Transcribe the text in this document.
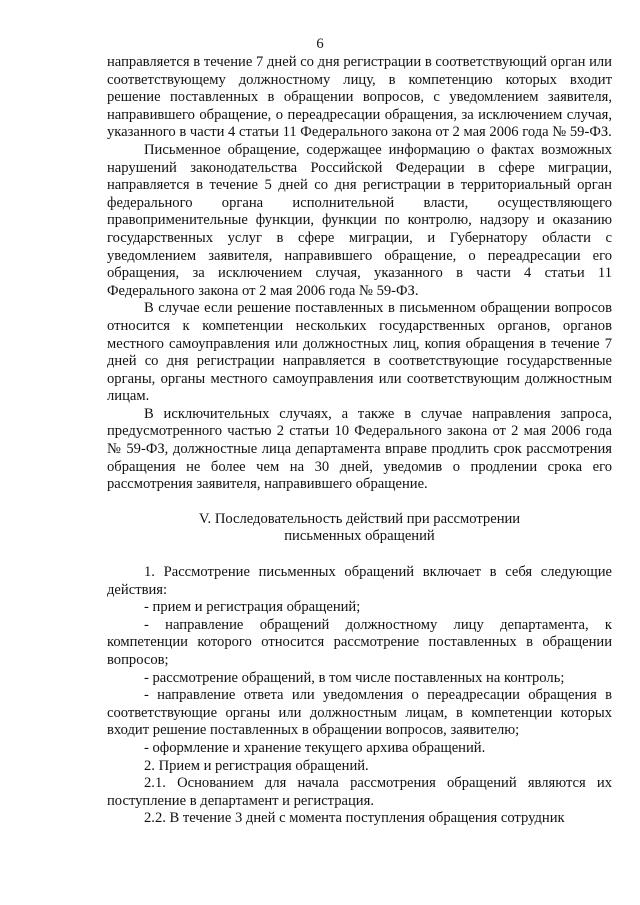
6

направляется в течение 7 дней со дня регистрации в соответствующий орган или соответствующему должностному лицу, в компетенцию которых входит решение поставленных в обращении вопросов, с уведомлением заявителя, направившего обращение, о переадресации обращения, за исключением случая, указанного в части 4 статьи 11 Федерального закона от 2 мая 2006 года № 59-ФЗ.

Письменное обращение, содержащее информацию о фактах возможных нарушений законодательства Российской Федерации в сфере миграции, направляется в течение 5 дней со дня регистрации в территориальный орган федерального органа исполнительной власти, осуществляющего правоприменительные функции, функции по контролю, надзору и оказанию государственных услуг в сфере миграции, и Губернатору области с уведомлением заявителя, направившего обращение, о переадресации его обращения, за исключением случая, указанного в части 4 статьи 11 Федерального закона от 2 мая 2006 года № 59-ФЗ.

В случае если решение поставленных в письменном обращении вопросов относится к компетенции нескольких государственных органов, органов местного самоуправления или должностных лиц, копия обращения в течение 7 дней со дня регистрации направляется в соответствующие государственные органы, органы местного самоуправления или соответствующим должностным лицам.

В исключительных случаях, а также в случае направления запроса, предусмотренного частью 2 статьи 10 Федерального закона от 2 мая 2006 года № 59-ФЗ, должностные лица департамента вправе продлить срок рассмотрения обращения не более чем на 30 дней, уведомив о продлении срока его рассмотрения заявителя, направившего обращение.

V. Последовательность действий при рассмотрении

письменных обращений

1. Рассмотрение письменных обращений включает в себя следующие действия:

- прием и регистрация обращений;

- направление обращений должностному лицу департамента, к компетенции которого относится рассмотрение поставленных в обращении вопросов;

- рассмотрение обращений, в том числе поставленных на контроль;

- направление ответа или уведомления о переадресации обращения в соответствующие органы или должностным лицам, в компетенции которых входит решение поставленных в обращении вопросов, заявителю;

- оформление и хранение текущего архива обращений.

2. Прием и регистрация обращений.

2.1. Основанием для начала рассмотрения обращений являются их поступление в департамент и регистрация.

2.2. В течение 3 дней с момента поступления обращения сотрудник
